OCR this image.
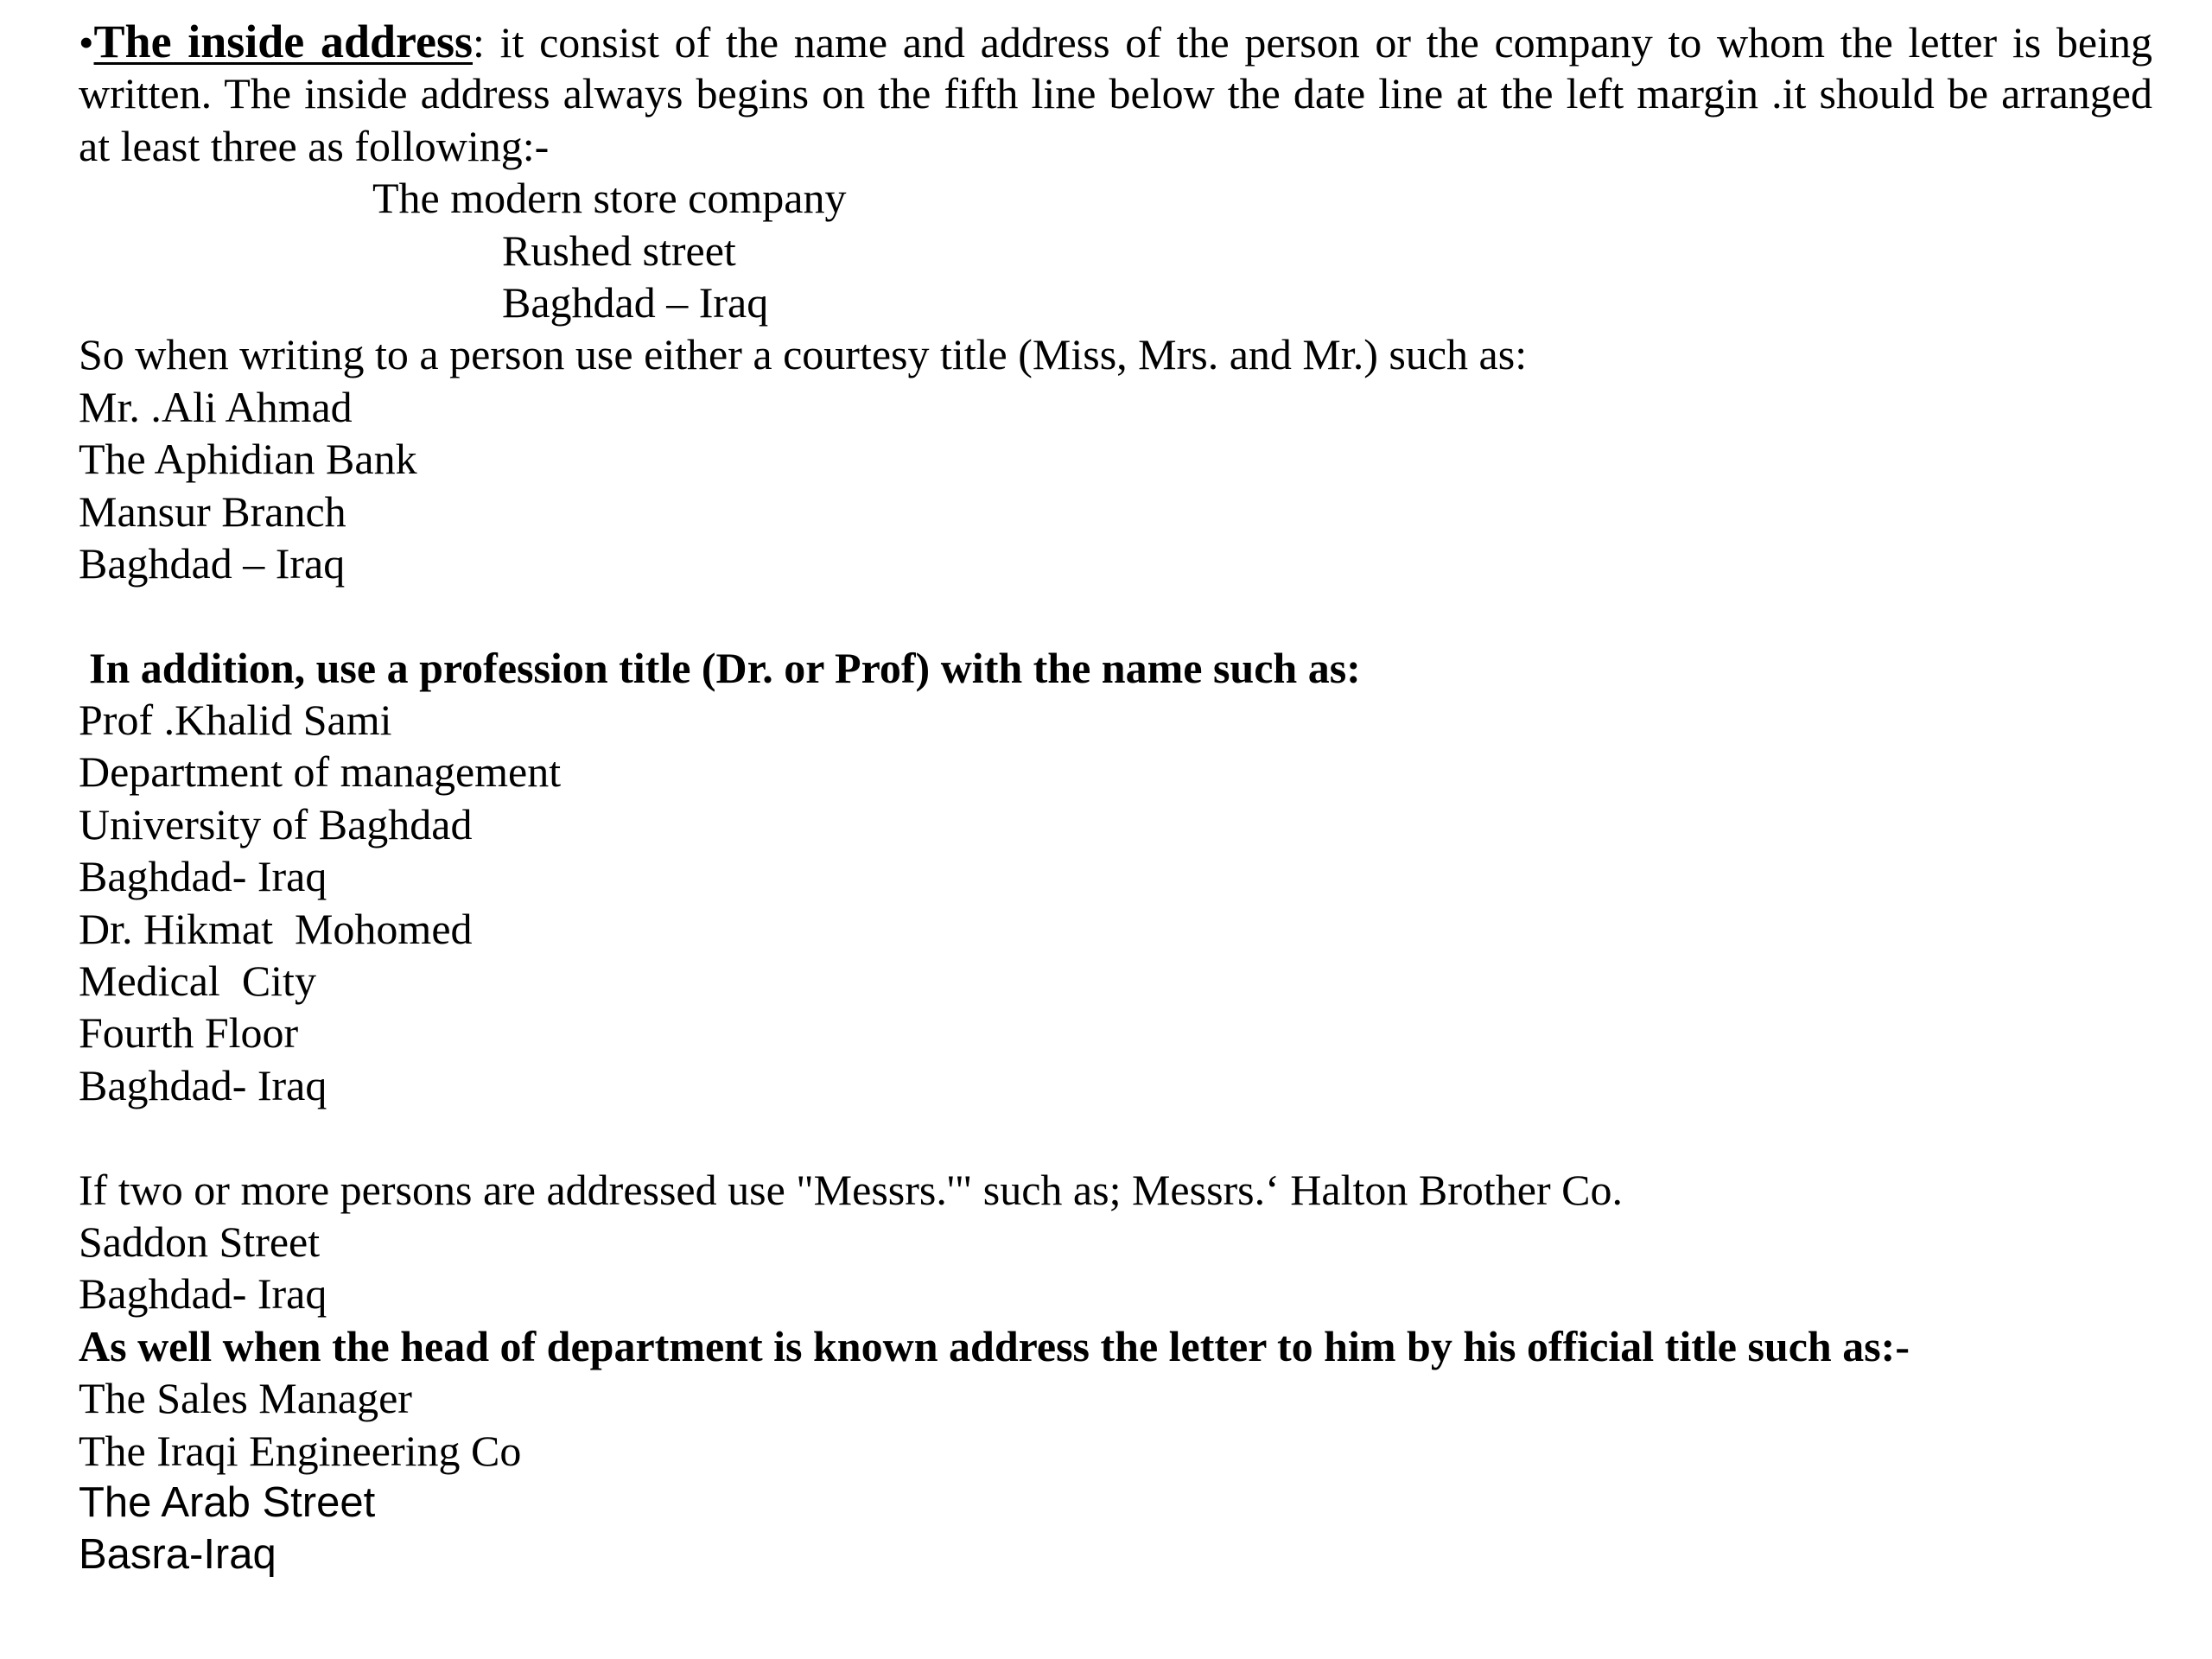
•The inside address: it consist of the name and address of the person or the company to whom the letter is being
written. The inside address always begins on the fifth line below the date line at the left margin .it should be arranged
at least three as following:-
The modern store company
Rushed street
Baghdad – Iraq
So when writing to a person use either a courtesy title (Miss, Mrs. and Mr.) such as:
Mr. .Ali Ahmad
The Aphidian Bank
Mansur Branch
Baghdad – Iraq
In addition, use a profession title (Dr. or Prof) with the name such as:
Prof .Khalid Sami
Department of management
University of Baghdad
Baghdad- Iraq
Dr. Hikmat  Mohomed
Medical  City
Fourth Floor
Baghdad- Iraq
If two or more persons are addressed use "Messrs.'" such as; Messrs.‘ Halton Brother Co.
Saddon Street
Baghdad- Iraq
As well when the head of department is known address the letter to him by his official title such as:-
The Sales Manager
The Iraqi Engineering Co
The Arab Street
Basra-Iraq
